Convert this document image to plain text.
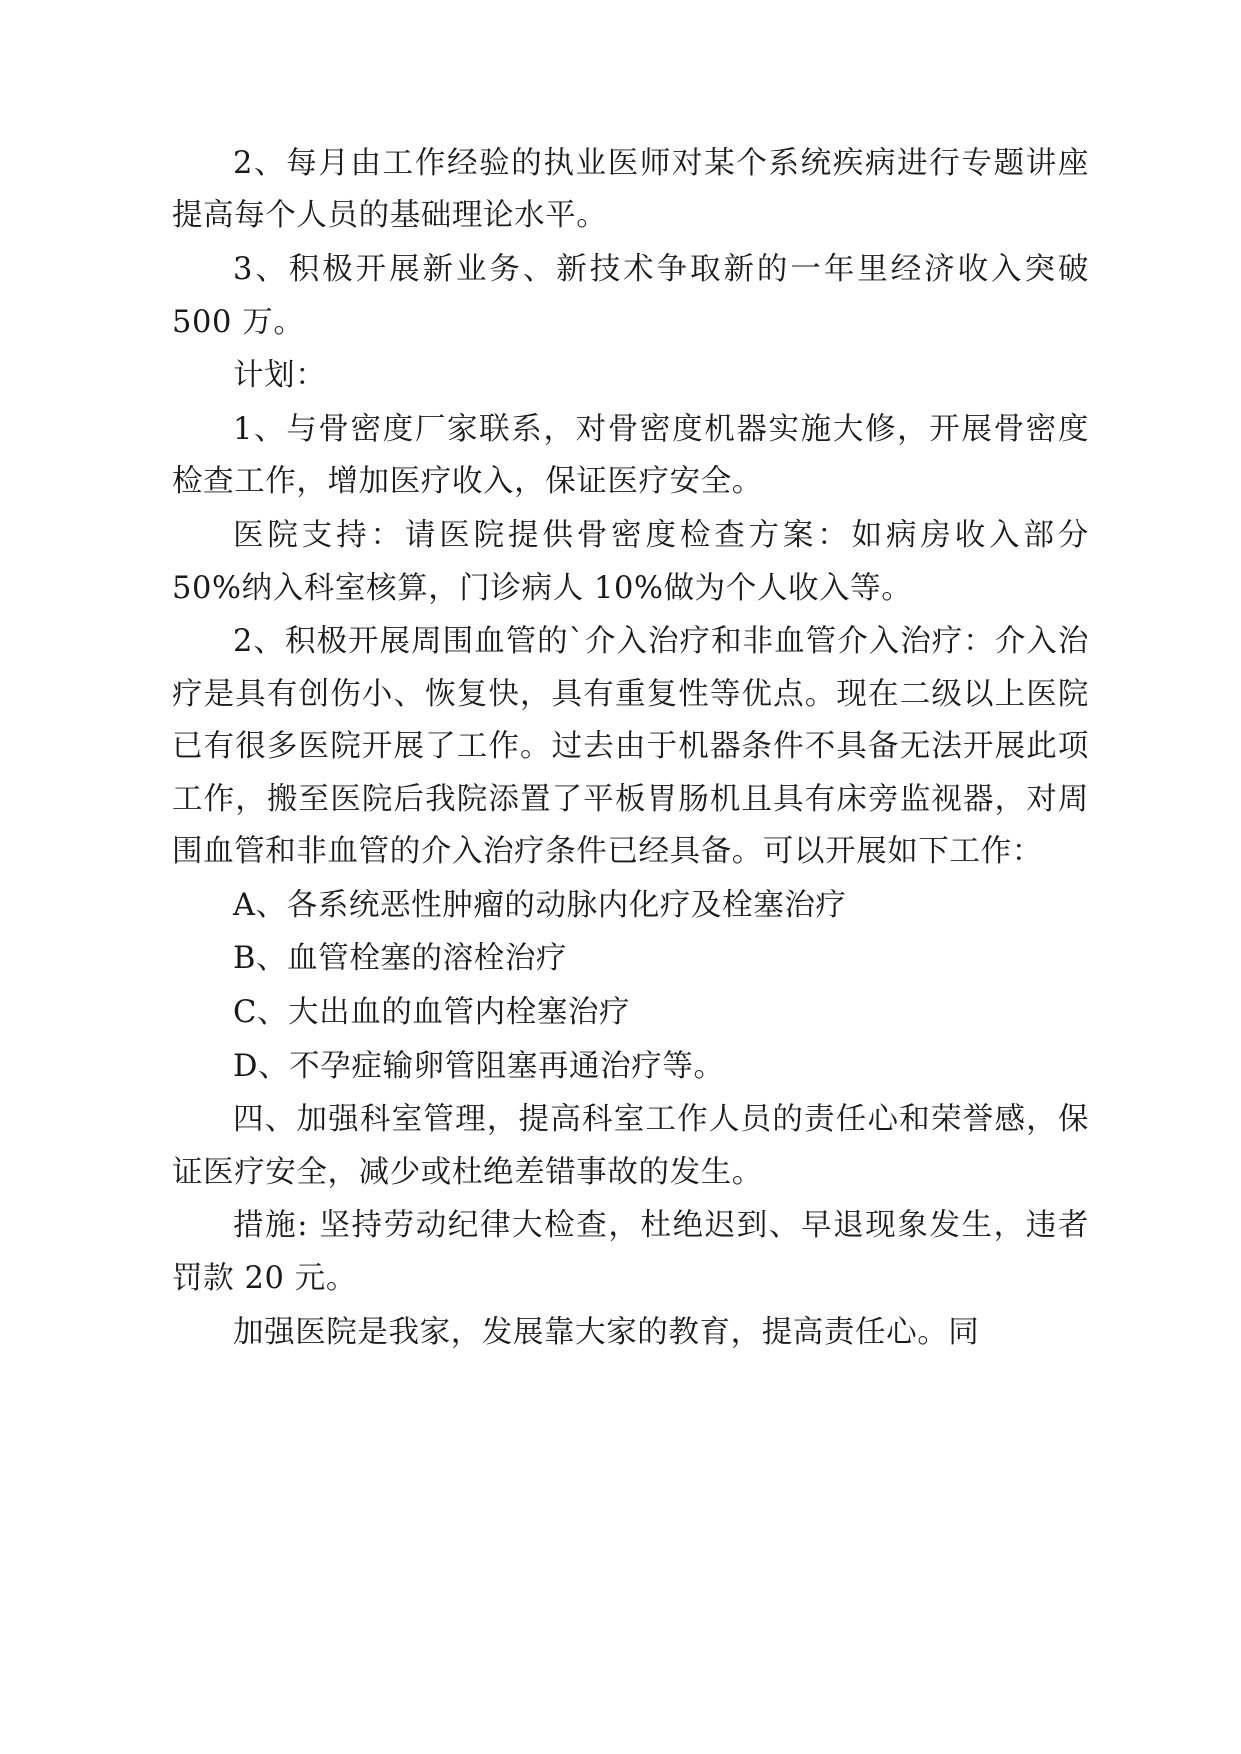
2、每月由工作经验的执业医师对某个系统疾病进行专题讲座提高每个人员的基础理论水平。

3、积极开展新业务、新技术争取新的一年里经济收入突破 500 万。

计划：

1、与骨密度厂家联系，对骨密度机器实施大修，开展骨密度检查工作，增加医疗收入，保证医疗安全。

医院支持：请医院提供骨密度检查方案：如病房收入部分 50%纳入科室核算，门诊病人 10%做为个人收入等。

2、积极开展周围血管的`介入治疗和非血管介入治疗：介入治疗是具有创伤小、恢复快，具有重复性等优点。现在二级以上医院已有很多医院开展了工作。过去由于机器条件不具备无法开展此项工作，搬至医院后我院添置了平板胃肠机且具有床旁监视器，对周围血管和非血管的介入治疗条件已经具备。可以开展如下工作：

A、各系统恶性肿瘤的动脉内化疗及栓塞治疗

B、血管栓塞的溶栓治疗

C、大出血的血管内栓塞治疗

D、不孕症输卵管阻塞再通治疗等。

四、加强科室管理，提高科室工作人员的责任心和荣誉感，保证医疗安全，减少或杜绝差错事故的发生。

措施: 坚持劳动纪律大检查，杜绝迟到、早退现象发生，违者罚款 20 元。

加强医院是我家，发展靠大家的教育，提高责任心。同
